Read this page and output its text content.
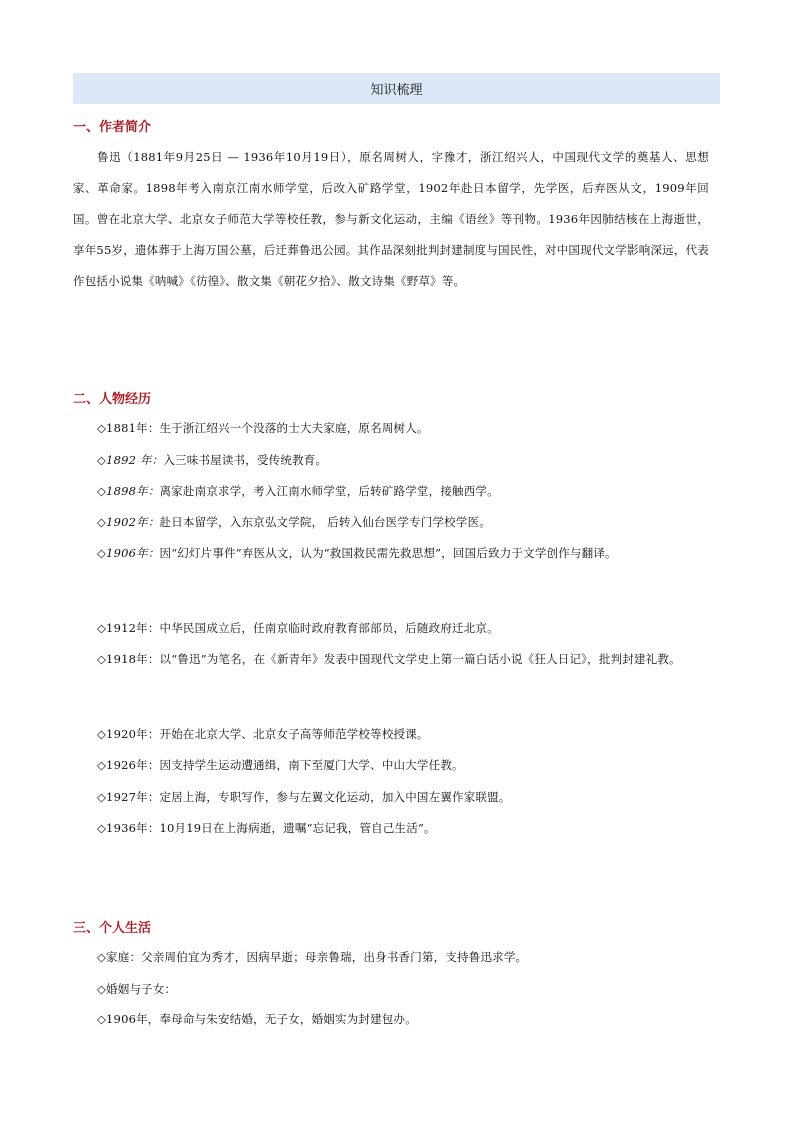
知识梳理
一、作者简介
鲁迅（1881年9月25日 — 1936年10月19日），原名周树人，字豫才，浙江绍兴人，中国现代文学的奠基人、思想家、革命家。1898年考入南京江南水师学堂，后改入矿路学堂，1902年赴日本留学，先学医，后弃医从文，1909年回国。曾在北京大学、北京女子师范大学等校任教，参与新文化运动，主编《语丝》等刊物。1936年因肺结核在上海逝世，享年55岁，遗体葬于上海万国公墓，后迁葬鲁迅公园。其作品深刻批判封建制度与国民性，对中国现代文学影响深远，代表作包括小说集《呐喊》《彷徨》、散文集《朝花夕拾》、散文诗集《野草》等。
二、人物经历
◇1881年：生于浙江绍兴一个没落的士大夫家庭，原名周树人。
◇1892 年：入三味书屋读书，受传统教育。
◇1898年：离家赴南京求学，考入江南水师学堂，后转矿路学堂，接触西学。
◇1902年：赴日本留学，入东京弘文学院， 后转入仙台医学专门学校学医。
◇1906年：因“幻灯片事件”弃医从文，认为“救国救民需先救思想”，回国后致力于文学创作与翻译。
◇1912年：中华民国成立后，任南京临时政府教育部部员，后随政府迁北京。
◇1918年：以“鲁迅”为笔名，在《新青年》发表中国现代文学史上第一篇白话小说《狂人日记》，批判封建礼教。
◇1920年：开始在北京大学、北京女子高等师范学校等校授课。
◇1926年：因支持学生运动遭通缉，南下至厦门大学、中山大学任教。
◇1927年：定居上海，专职写作，参与左翼文化运动，加入中国左翼作家联盟。
◇1936年：10月19日在上海病逝，遗嘱“忘记我，管自己生活”。
三、个人生活
◇家庭：父亲周伯宜为秀才，因病早逝；母亲鲁瑞，出身书香门第，支持鲁迅求学。
◇婚姻与子女：
◇1906年，奉母命与朱安结婚，无子女，婚姻实为封建包办。
